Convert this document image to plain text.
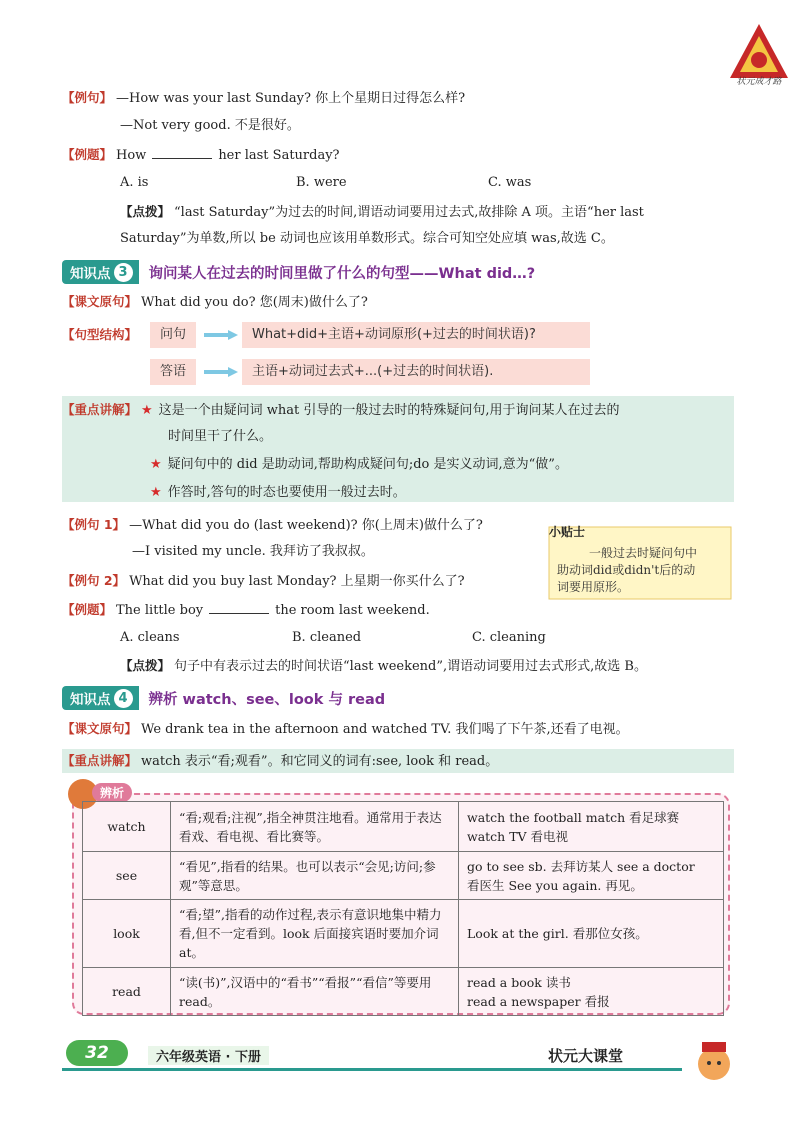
状元成才路
【例句】 —How was your last Sunday? 你上个星期日过得怎么样?
—Not very good. 不是很好。
【例题】 How	her last Saturday?
A. is	B. were	C. was
【点拨】 “last Saturday”为过去的时间,谓语动词要用过去式,故排除 A 项。主语“her last
Saturday”为单数,所以 be 动词也应该用单数形式。综合可知空处应填 was,故选 C。
知识点 3	询问某人在过去的时间里做了什么的句型——What did…?
【课文原句】 What did you do? 您(周末)做什么了?
【句型结构】	问句	What+did+主语+动词原形(+过去的时间状语)?
答语	主语+动词过去式+...(+过去的时间状语).
【重点讲解】 ★ 这是一个由疑问词 what 引导的一般过去时的特殊疑问句,用于询问某人在过去的
时间里干了什么。
★ 疑问句中的 did 是助动词,帮助构成疑问句;do 是实义动词,意为“做”。
★ 作答时,答句的时态也要使用一般过去时。
【例句 1】 —What did you do (last weekend)? 你(上周末)做什么了?
—I visited my uncle. 我拜访了我叔叔。
【例句 2】 What did you buy last Monday? 上星期一你买什么了?
小贴士
一般过去时疑问句中
助动词did或didn't后的动
词要用原形。
【例题】 The little boy	the room last weekend.
A. cleans	B. cleaned	C. cleaning
【点拨】 句子中有表示过去的时间状语“last weekend”,谓语动词要用过去式形式,故选 B。
知识点 4	辨析 watch、see、look 与 read
【课文原句】 We drank tea in the afternoon and watched TV. 我们喝了下午茶,还看了电视。
【重点讲解】 watch 表示“看;观看”。和它同义的词有:see, look 和 read。
辨析
watch	“看;观看;注视”,指全神贯注地看。通常用于表达看戏、看电视、看比赛等。	watch the football match 看足球赛
watch TV 看电视

see	“看见”,指看的结果。也可以表示“会见;访问;参观”等意思。	go to see sb. 去拜访某人 see a doctor
看医生 See you again. 再见。

look	“看;望”,指看的动作过程,表示有意识地集中精力看,但不一定看到。look 后面接宾语时要加介词 at。	Look at the girl. 看那位女孩。

read	“读(书)”,汉语中的“看书”“看报”“看信”等要用 read。	read a book 读书
read a newspaper 看报
32	六年级英语 · 下册	状元大课堂
